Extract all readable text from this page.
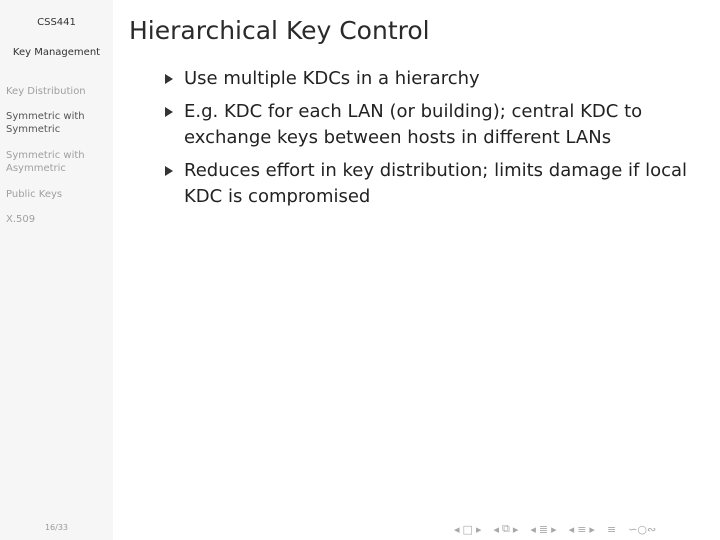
CSS441
Key Management
Key Distribution
Symmetric with Symmetric
Symmetric with Asymmetric
Public Keys
X.509
16/33
Hierarchical Key Control
Use multiple KDCs in a hierarchy
E.g. KDC for each LAN (or building); central KDC to exchange keys between hosts in different LANs
Reduces effort in key distribution; limits damage if local KDC is compromised
◂ □ ▸ ◂ ⧉ ▸ ◂ ≣ ▸ ◂ ≡ ▸ ≡ ∽○∾
